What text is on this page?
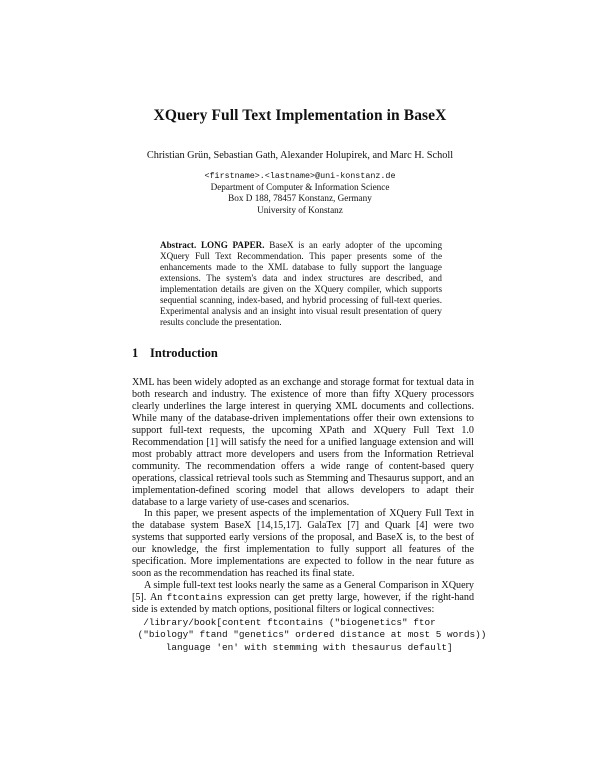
XQuery Full Text Implementation in BaseX
Christian Grün, Sebastian Gath, Alexander Holupirek, and Marc H. Scholl
<firstname>.<lastname>@uni-konstanz.de
Department of Computer & Information Science
Box D 188, 78457 Konstanz, Germany
University of Konstanz
Abstract. LONG PAPER. BaseX is an early adopter of the upcoming XQuery Full Text Recommendation. This paper presents some of the enhancements made to the XML database to fully support the language extensions. The system's data and index structures are described, and implementation details are given on the XQuery compiler, which supports sequential scanning, index-based, and hybrid processing of full-text queries. Experimental analysis and an insight into visual result presentation of query results conclude the presentation.
1 Introduction

XML has been widely adopted as an exchange and storage format for textual data in both research and industry. The existence of more than fifty XQuery processors clearly underlines the large interest in querying XML documents and collections. While many of the database-driven implementations offer their own extensions to support full-text requests, the upcoming XPath and XQuery Full Text 1.0 Recommendation [1] will satisfy the need for a unified language extension and will most probably attract more developers and users from the Information Retrieval community. The recommendation offers a wide range of content-based query operations, classical retrieval tools such as Stemming and Thesaurus support, and an implementation-defined scoring model that allows developers to adapt their database to a large variety of use-cases and scenarios.

In this paper, we present aspects of the implementation of XQuery Full Text in the database system BaseX [14,15,17]. GalaTex [7] and Quark [4] were two systems that supported early versions of the proposal, and BaseX is, to the best of our knowledge, the first implementation to fully support all features of the specification. More implementations are expected to follow in the near future as soon as the recommendation has reached its final state.

A simple full-text test looks nearly the same as a General Comparison in XQuery [5]. An ftcontains expression can get pretty large, however, if the right-hand side is extended by match options, positional filters or logical connectives:

/library/book[content ftcontains ("biogenetics" ftor
("biology" ftand "genetics" ordered distance at most 5 words))
language 'en' with stemming with thesaurus default]
